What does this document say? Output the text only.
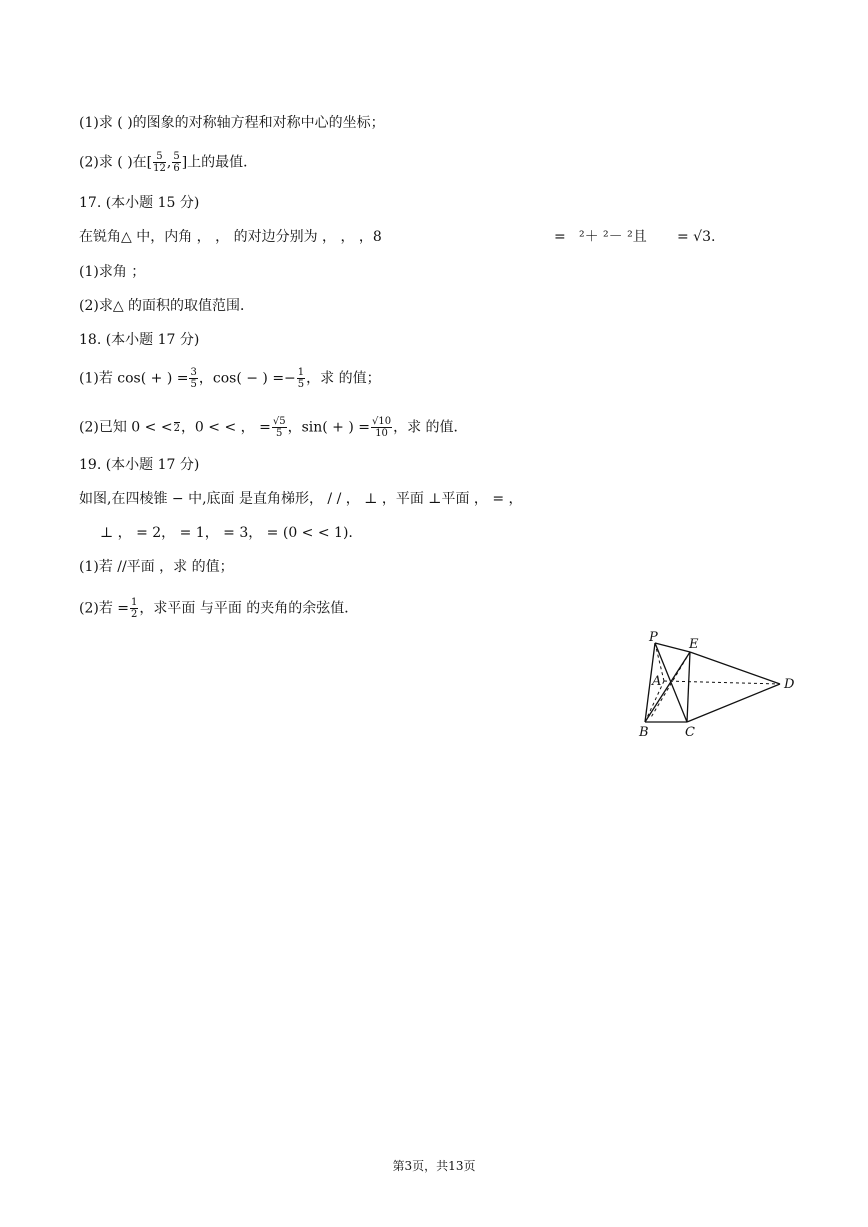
(1)求 ( )的图象的对称轴方程和对称中心的坐标；
(2)求 ( )在[ $\frac{5}{12}$ , $\frac{5}{6}$ ]上的最值．
17. (本小题 15 分)
在锐角△ 中，内角 ， ， 的对边分别为 ， ， ，8	= ²＋ ²－ ²且 = √3.
(1)求角 ；
(2)求△ 的面积的取值范围．
18. (本小题 17 分)
(1)若 cos( + ) = $\frac{3}{5}$ ，cos( − ) =− $\frac{1}{5}$ ，求 的值；
(2)已知 0 < < 2 ，0 < < ， = $\frac{√5}{5}$ ，sin( + ) = $\frac{√10}{10}$ ，求 的值．
19. (本小题 17 分)
如图,在四棱锥 − 中,底面 是直角梯形， / / ， ⊥ ，平面 ⊥平面 ， = ，
⊥ ， = 2， = 1， = 3， = (0 < < 1).
(1)若 //平面 ，求 的值；
(2)若 = $\frac{1}{2}$ ，求平面 与平面 的夹角的余弦值．
P E
A	D
B	C
第3页，共13页
